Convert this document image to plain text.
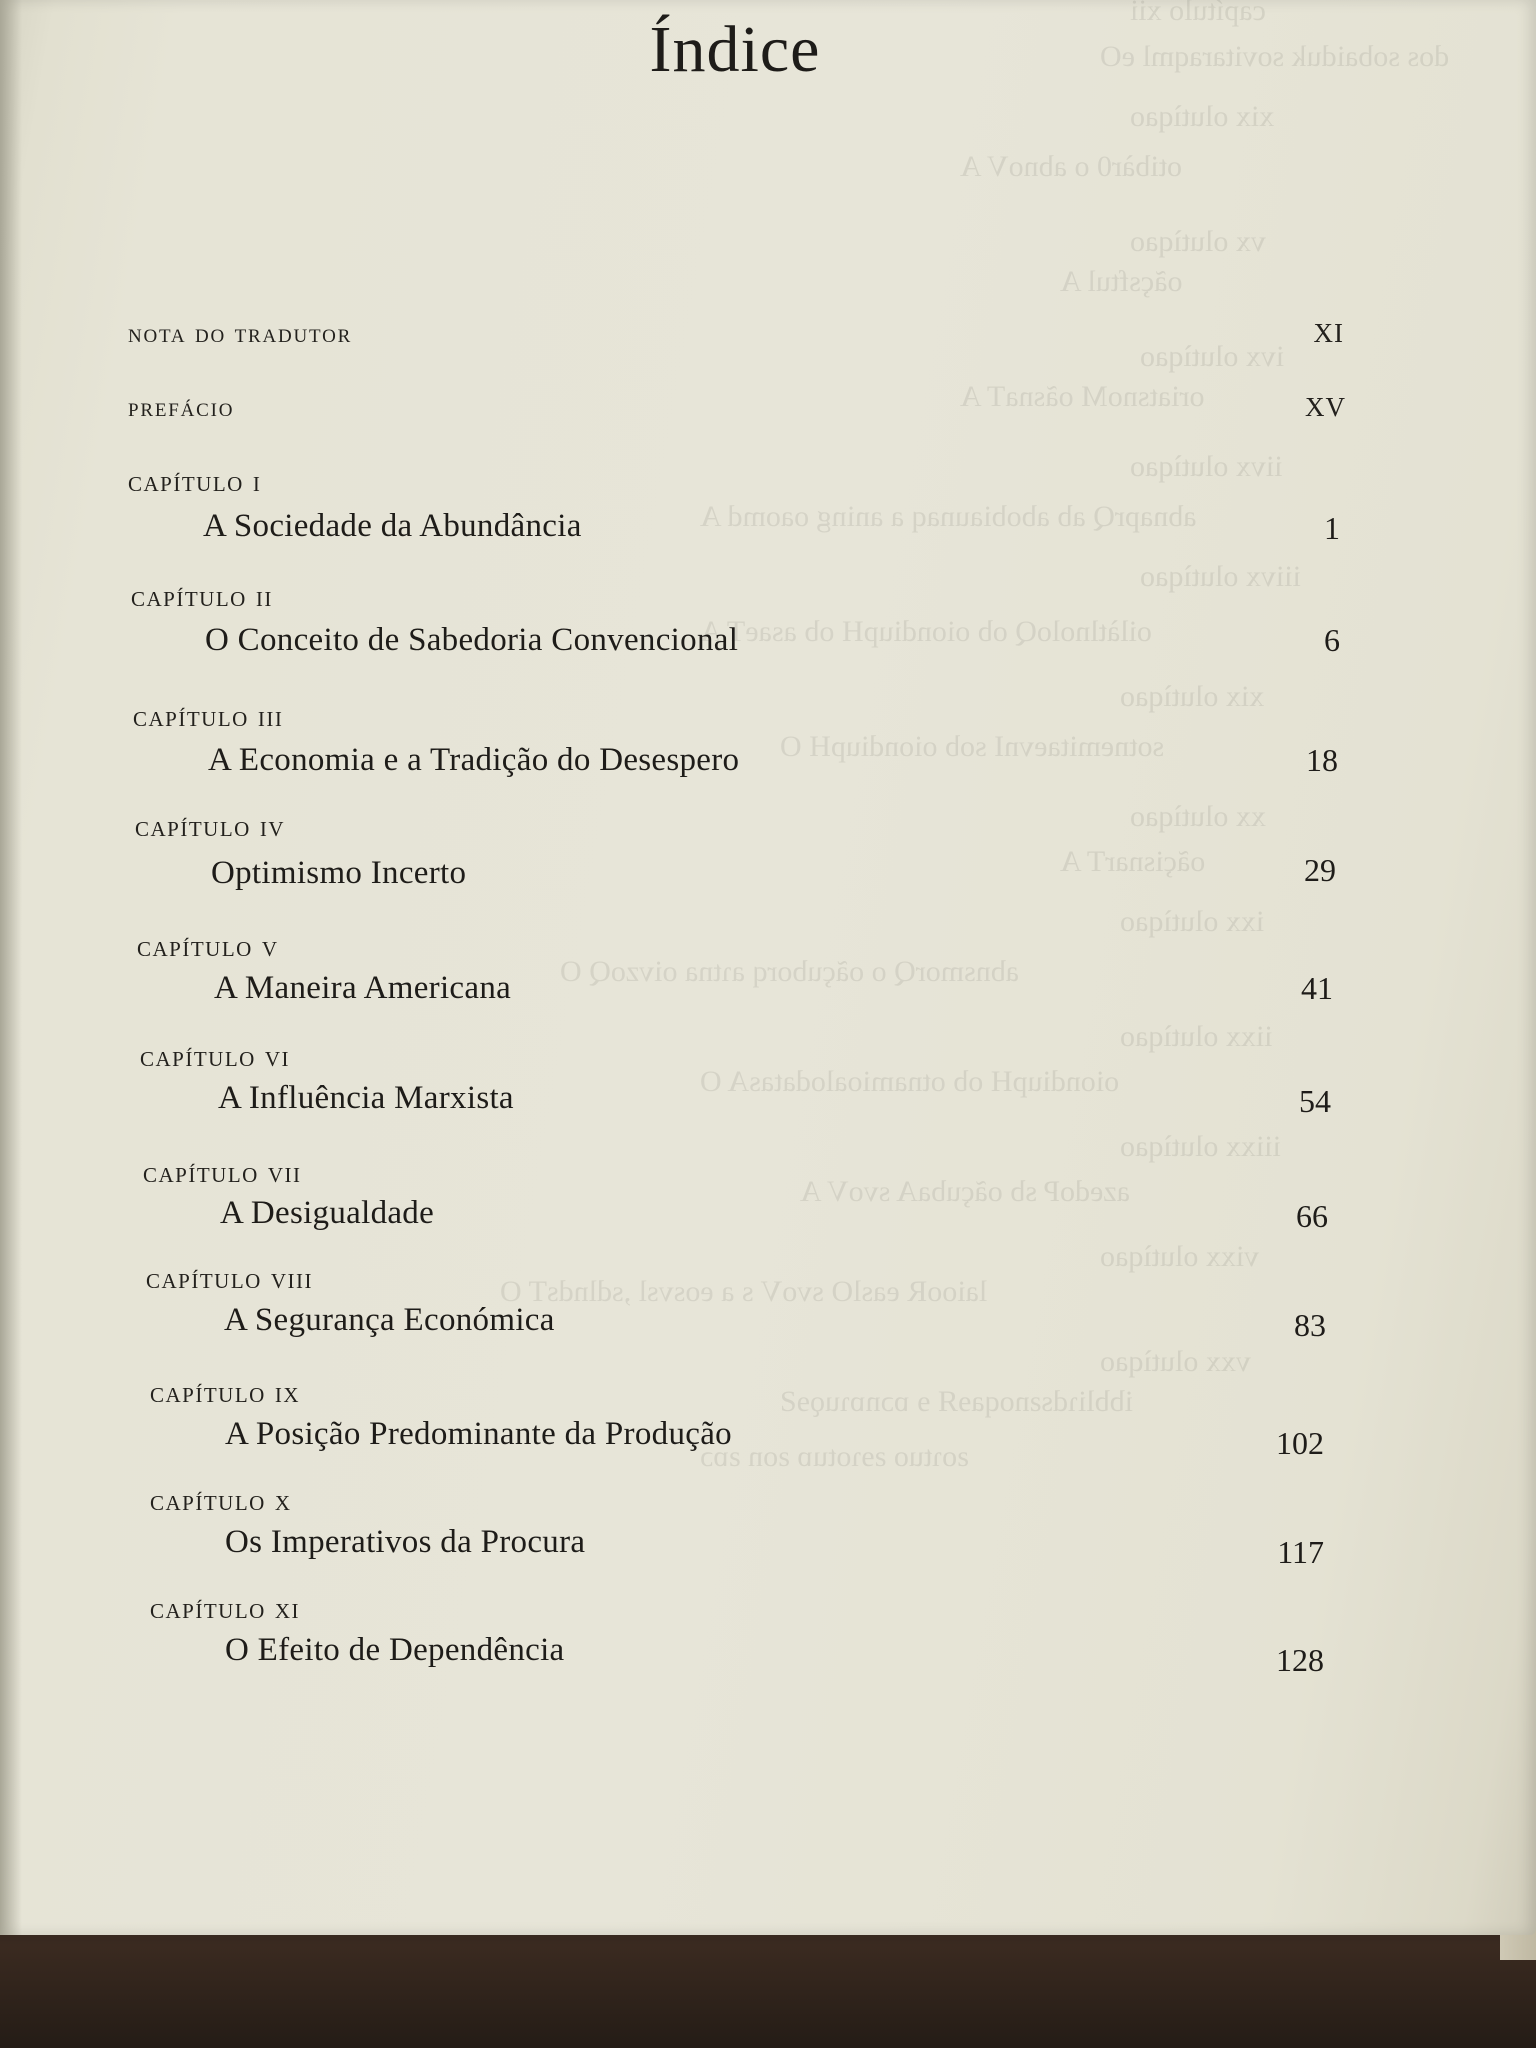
capítulo xii
dos sobaiduk sovitaraqml eO
xix olutìqao
otibàr0 o abnoV A
vx olutìqao
oãçsftul A
ivx olutìqao
oriatsnoM oãsnaT A
iivx olutìqao
abnaprQ ab abobiaunaq a aning oaomd A
iiivx olutìqao
oilàtlnoloQ ob oiondiupH ob asaeT A
xix olutìqao
sotnemitaevnI sob oiondiupH O
xx olutìqao
oãçisnarT A
ixx olutìqao
abnsmorQ o oãçuborq aɿtna oivzoQ O
iixx olutìqao
oiondiupH ob otnamioalodatasA O
iiixx olutìqao
azedoP sb oãçubaA svoV A
vixx olutìqao
laiooR easlO svoV s a eosvsl ,sdlndsT O
vxx olutìqao
ibbliɿdsƨnoqaɘЯ ɘ ɒɔnɒɿuǫɘƧ
ƨoɿtuo ƨɘɿotuɒ ƨon ƨɒɔ
Índice
nota do tradutor	XI
prefácio	XV
capítulo i
A Sociedade da Abundância	1
capítulo ii
O Conceito de Sabedoria Convencional	6
capítulo iii
A Economia e a Tradição do Desespero	18
capítulo iv
Optimismo Incerto	29
capítulo v
A Maneira Americana	41
capítulo vi
A Influência Marxista	54
capítulo vii
A Desigualdade	66
capítulo viii
A Segurança Económica	83
capítulo ix
A Posição Predominante da Produção	102
capítulo x
Os Imperativos da Procura	117
capítulo xi
O Efeito de Dependência	128
